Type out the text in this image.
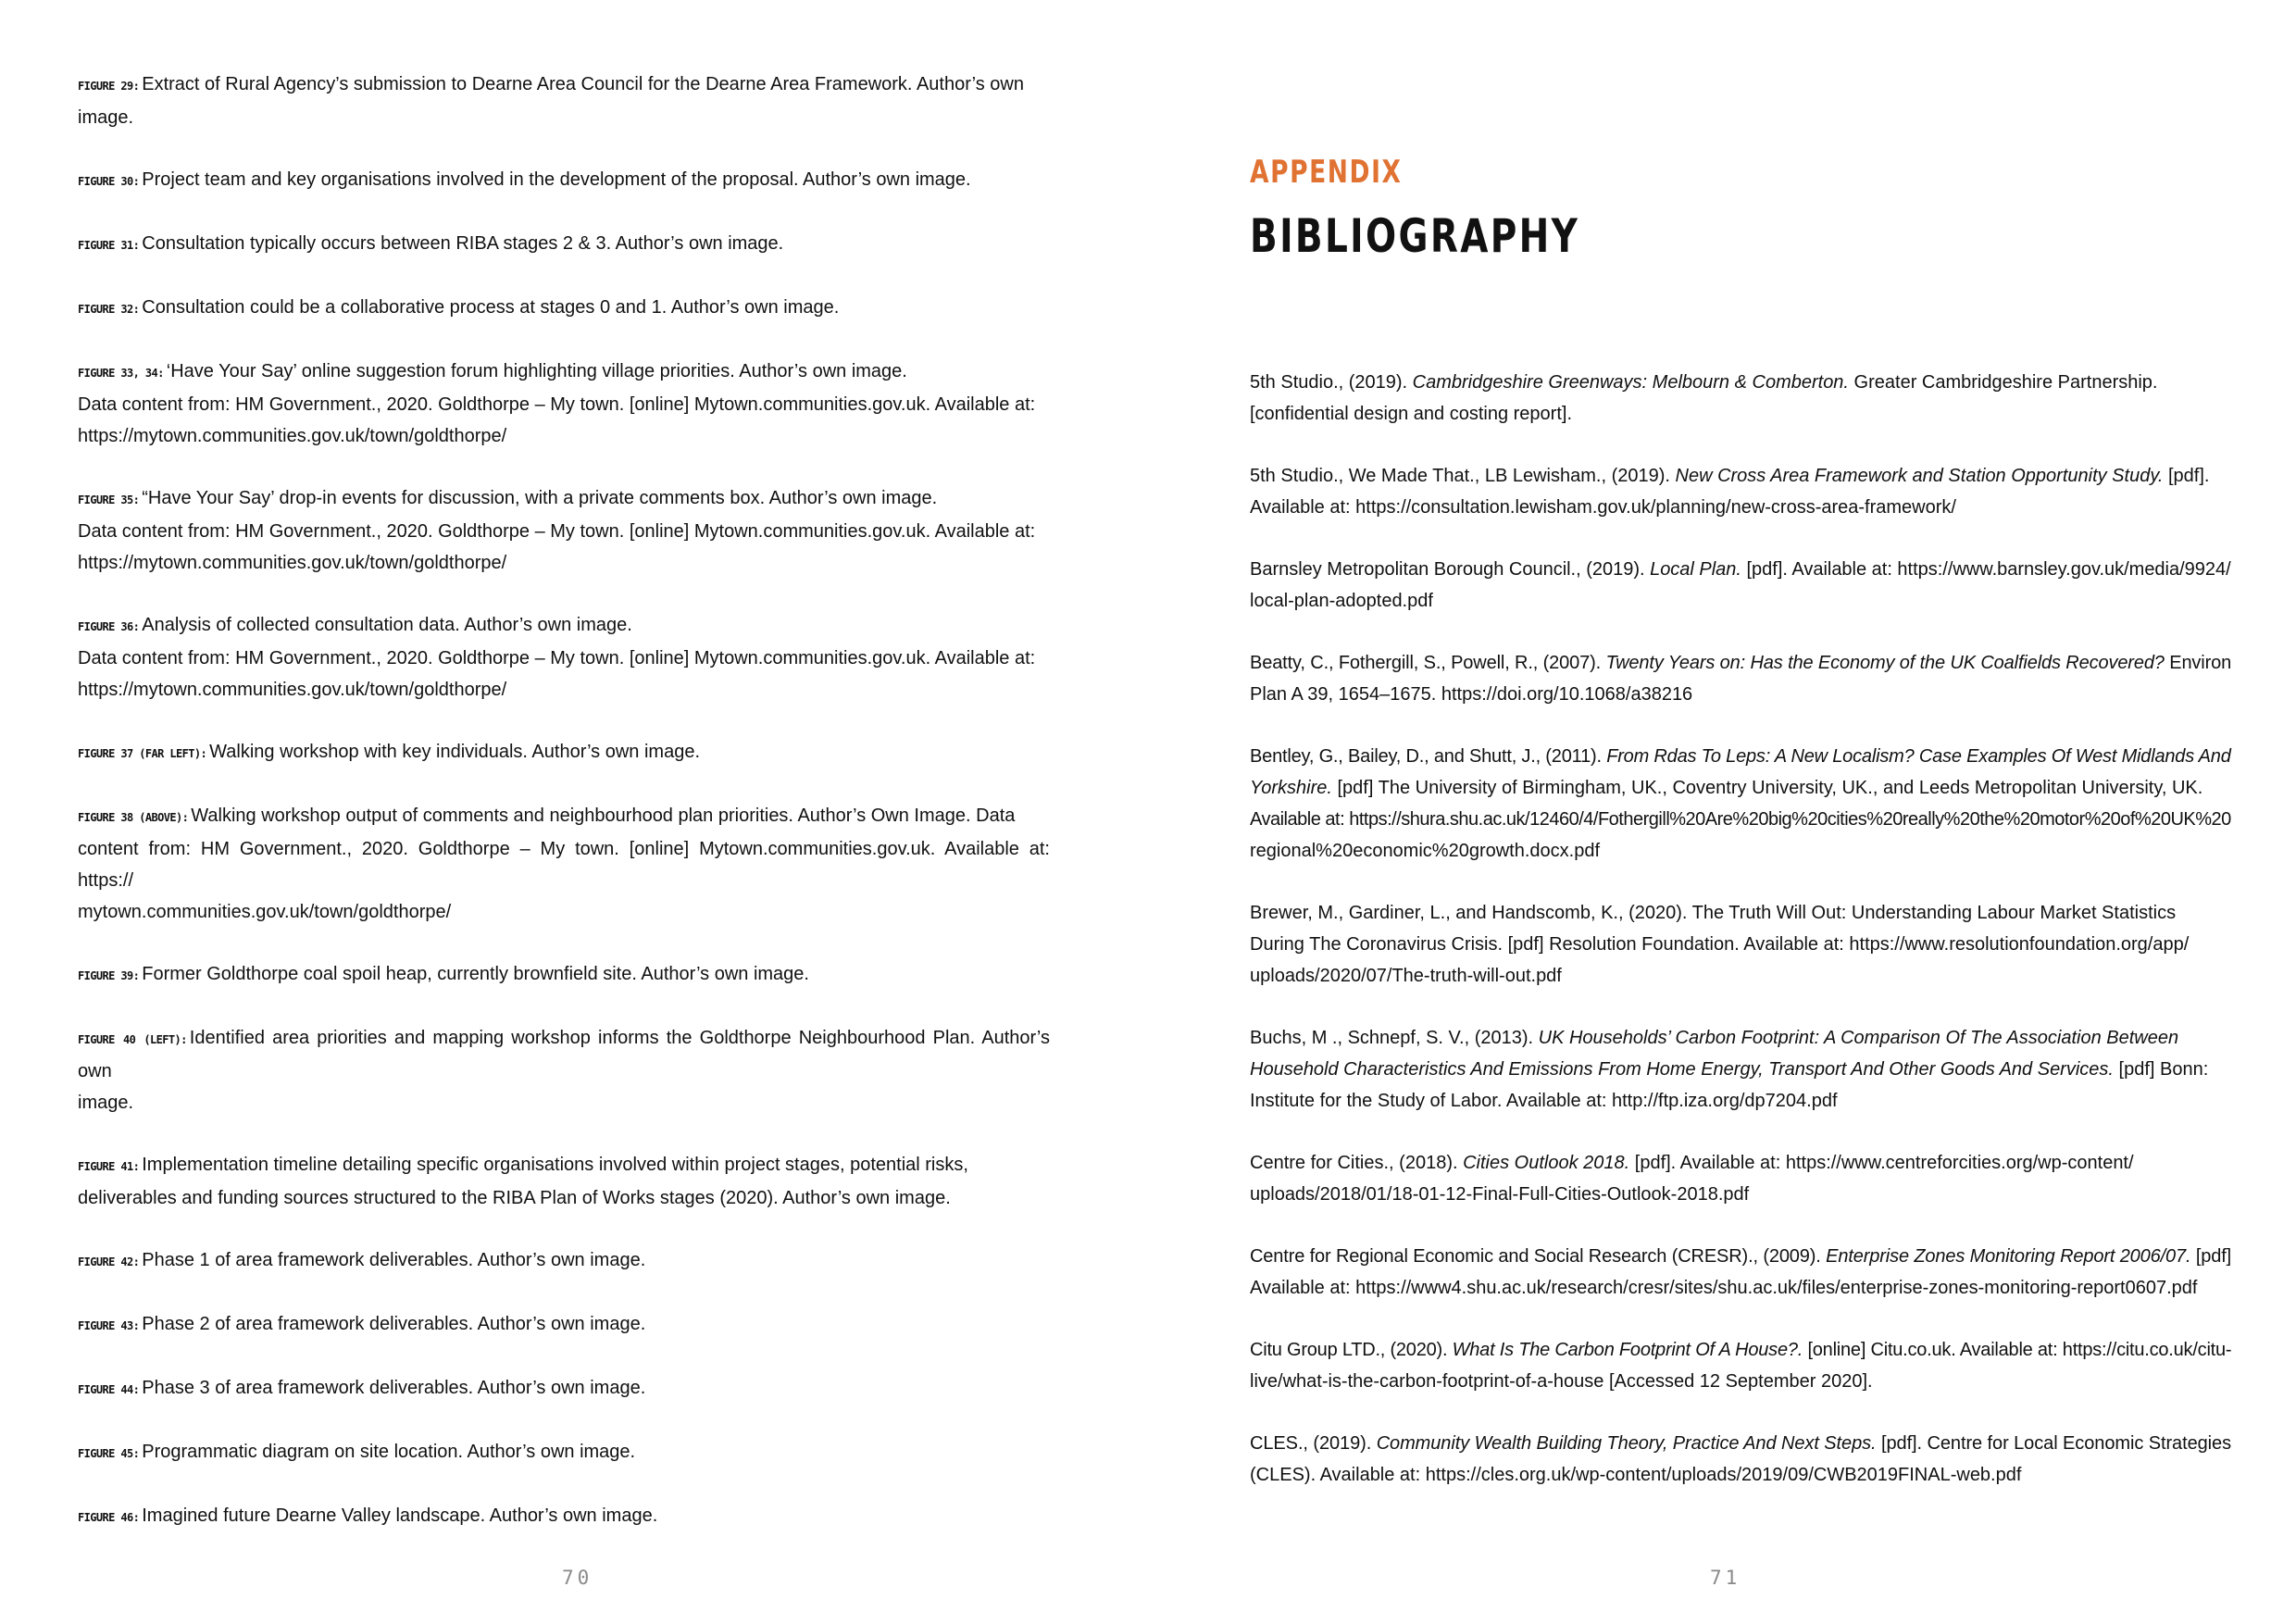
FIGURE 29: Extract of Rural Agency’s submission to Dearne Area Council for the Dearne Area Framework. Author’s own
image.
FIGURE 30: Project team and key organisations involved in the development of the proposal. Author’s own image.
FIGURE 31: Consultation typically occurs between RIBA stages 2 & 3. Author’s own image.
FIGURE 32: Consultation could be a collaborative process at stages 0 and 1. Author’s own image.
FIGURE 33, 34: ‘Have Your Say’ online suggestion forum highlighting village priorities. Author’s own image.
Data content from: HM Government., 2020. Goldthorpe – My town. [online] Mytown.communities.gov.uk. Available at:
https://mytown.communities.gov.uk/town/goldthorpe/
FIGURE 35: “Have Your Say’ drop-in events for discussion, with a private comments box. Author’s own image.
Data content from: HM Government., 2020. Goldthorpe – My town. [online] Mytown.communities.gov.uk. Available at:
https://mytown.communities.gov.uk/town/goldthorpe/
FIGURE 36: Analysis of collected consultation data. Author’s own image.
Data content from: HM Government., 2020. Goldthorpe – My town. [online] Mytown.communities.gov.uk. Available at:
https://mytown.communities.gov.uk/town/goldthorpe/
FIGURE 37 (FAR LEFT): Walking workshop with key individuals. Author’s own image.
FIGURE 38 (ABOVE): Walking workshop output of comments and neighbourhood plan priorities. Author’s Own Image. Data
content from: HM Government., 2020. Goldthorpe – My town. [online] Mytown.communities.gov.uk. Available at: https://
mytown.communities.gov.uk/town/goldthorpe/
FIGURE 39: Former Goldthorpe coal spoil heap, currently brownfield site. Author’s own image.
FIGURE 40 (LEFT): Identified area priorities and mapping workshop informs the Goldthorpe Neighbourhood Plan. Author’s own
image.
FIGURE 41: Implementation timeline detailing specific organisations involved within project stages, potential risks,
deliverables and funding sources structured to the RIBA Plan of Works stages (2020). Author’s own image.
FIGURE 42: Phase 1 of area framework deliverables. Author’s own image.
FIGURE 43: Phase 2 of area framework deliverables. Author’s own image.
FIGURE 44: Phase 3 of area framework deliverables. Author’s own image.
FIGURE 45: Programmatic diagram on site location. Author’s own image.
FIGURE 46: Imagined future Dearne Valley landscape. Author’s own image.
70
APPENDIX
BIBLIOGRAPHY
5th Studio., (2019). Cambridgeshire Greenways: Melbourn & Comberton. Greater Cambridgeshire Partnership.
[confidential design and costing report].
5th Studio., We Made That., LB Lewisham., (2019). New Cross Area Framework and Station Opportunity Study. [pdf].
Available at: https://consultation.lewisham.gov.uk/planning/new-cross-area-framework/
Barnsley Metropolitan Borough Council., (2019). Local Plan. [pdf]. Available at: https://www.barnsley.gov.uk/media/9924/
local-plan-adopted.pdf
Beatty, C., Fothergill, S., Powell, R., (2007). Twenty Years on: Has the Economy of the UK Coalfields Recovered? Environ
Plan A 39, 1654–1675. https://doi.org/10.1068/a38216
Bentley, G., Bailey, D., and Shutt, J., (2011). From Rdas To Leps: A New Localism? Case Examples Of West Midlands And
Yorkshire. [pdf] The University of Birmingham, UK., Coventry University, UK., and Leeds Metropolitan University, UK.
Available at: https://shura.shu.ac.uk/12460/4/Fothergill%20Are%20big%20cities%20really%20the%20motor%20of%20UK%20
regional%20economic%20growth.docx.pdf
Brewer, M., Gardiner, L., and Handscomb, K., (2020). The Truth Will Out: Understanding Labour Market Statistics
During The Coronavirus Crisis. [pdf] Resolution Foundation. Available at: https://www.resolutionfoundation.org/app/
uploads/2020/07/The-truth-will-out.pdf
Buchs, M ., Schnepf, S. V., (2013). UK Households’ Carbon Footprint: A Comparison Of The Association Between
Household Characteristics And Emissions From Home Energy, Transport And Other Goods And Services. [pdf] Bonn:
Institute for the Study of Labor. Available at: http://ftp.iza.org/dp7204.pdf
Centre for Cities., (2018). Cities Outlook 2018. [pdf]. Available at: https://www.centreforcities.org/wp-content/
uploads/2018/01/18-01-12-Final-Full-Cities-Outlook-2018.pdf
Centre for Regional Economic and Social Research (CRESR)., (2009). Enterprise Zones Monitoring Report 2006/07. [pdf]
Available at: https://www4.shu.ac.uk/research/cresr/sites/shu.ac.uk/files/enterprise-zones-monitoring-report0607.pdf
Citu Group LTD., (2020). What Is The Carbon Footprint Of A House?. [online] Citu.co.uk. Available at: https://citu.co.uk/citu-
live/what-is-the-carbon-footprint-of-a-house [Accessed 12 September 2020].
CLES., (2019). Community Wealth Building Theory, Practice And Next Steps. [pdf]. Centre for Local Economic Strategies
(CLES). Available at: https://cles.org.uk/wp-content/uploads/2019/09/CWB2019FINAL-web.pdf
71
